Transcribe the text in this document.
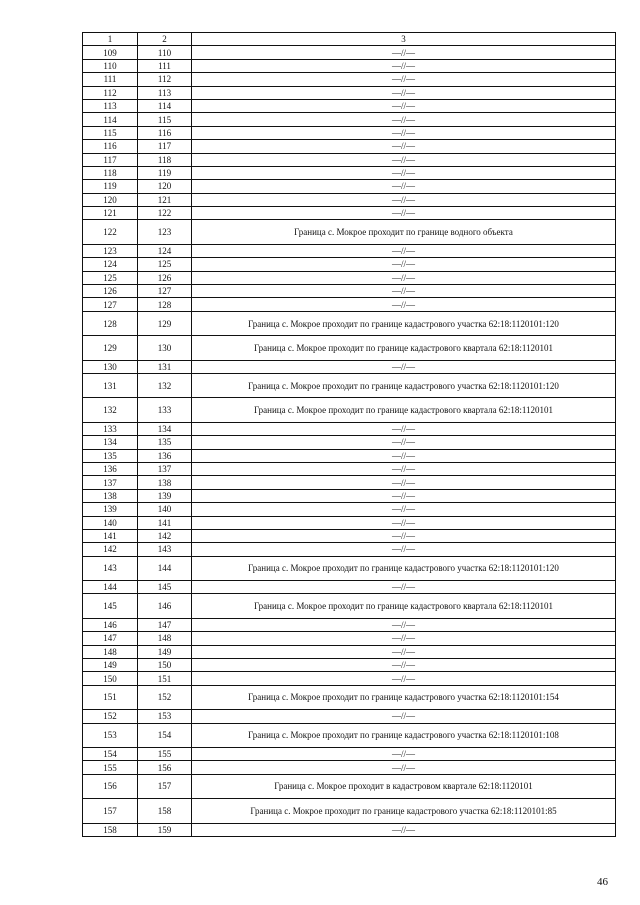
1	2	3
109	110	—//—
110	111	—//—
111	112	—//—
112	113	—//—
113	114	—//—
114	115	—//—
115	116	—//—
116	117	—//—
117	118	—//—
118	119	—//—
119	120	—//—
120	121	—//—
121	122	—//—
122	123	Граница с. Мокрое проходит по границе водного объекта
123	124	—//—
124	125	—//—
125	126	—//—
126	127	—//—
127	128	—//—
128	129	Граница с. Мокрое проходит по границе кадастрового участка 62:18:1120101:120
129	130	Граница с. Мокрое проходит по границе кадастрового квартала 62:18:1120101
130	131	—//—
131	132	Граница с. Мокрое проходит по границе кадастрового участка 62:18:1120101:120
132	133	Граница с. Мокрое проходит по границе кадастрового квартала 62:18:1120101
133	134	—//—
134	135	—//—
135	136	—//—
136	137	—//—
137	138	—//—
138	139	—//—
139	140	—//—
140	141	—//—
141	142	—//—
142	143	—//—
143	144	Граница с. Мокрое проходит по границе кадастрового участка 62:18:1120101:120
144	145	—//—
145	146	Граница с. Мокрое проходит по границе кадастрового квартала 62:18:1120101
146	147	—//—
147	148	—//—
148	149	—//—
149	150	—//—
150	151	—//—
151	152	Граница с. Мокрое проходит по границе кадастрового участка 62:18:1120101:154
152	153	—//—
153	154	Граница с. Мокрое проходит по границе кадастрового участка 62:18:1120101:108
154	155	—//—
155	156	—//—
156	157	Граница с. Мокрое проходит в кадастровом квартале 62:18:1120101
157	158	Граница с. Мокрое проходит по границе кадастрового участка 62:18:1120101:85
158	159	—//—
46
